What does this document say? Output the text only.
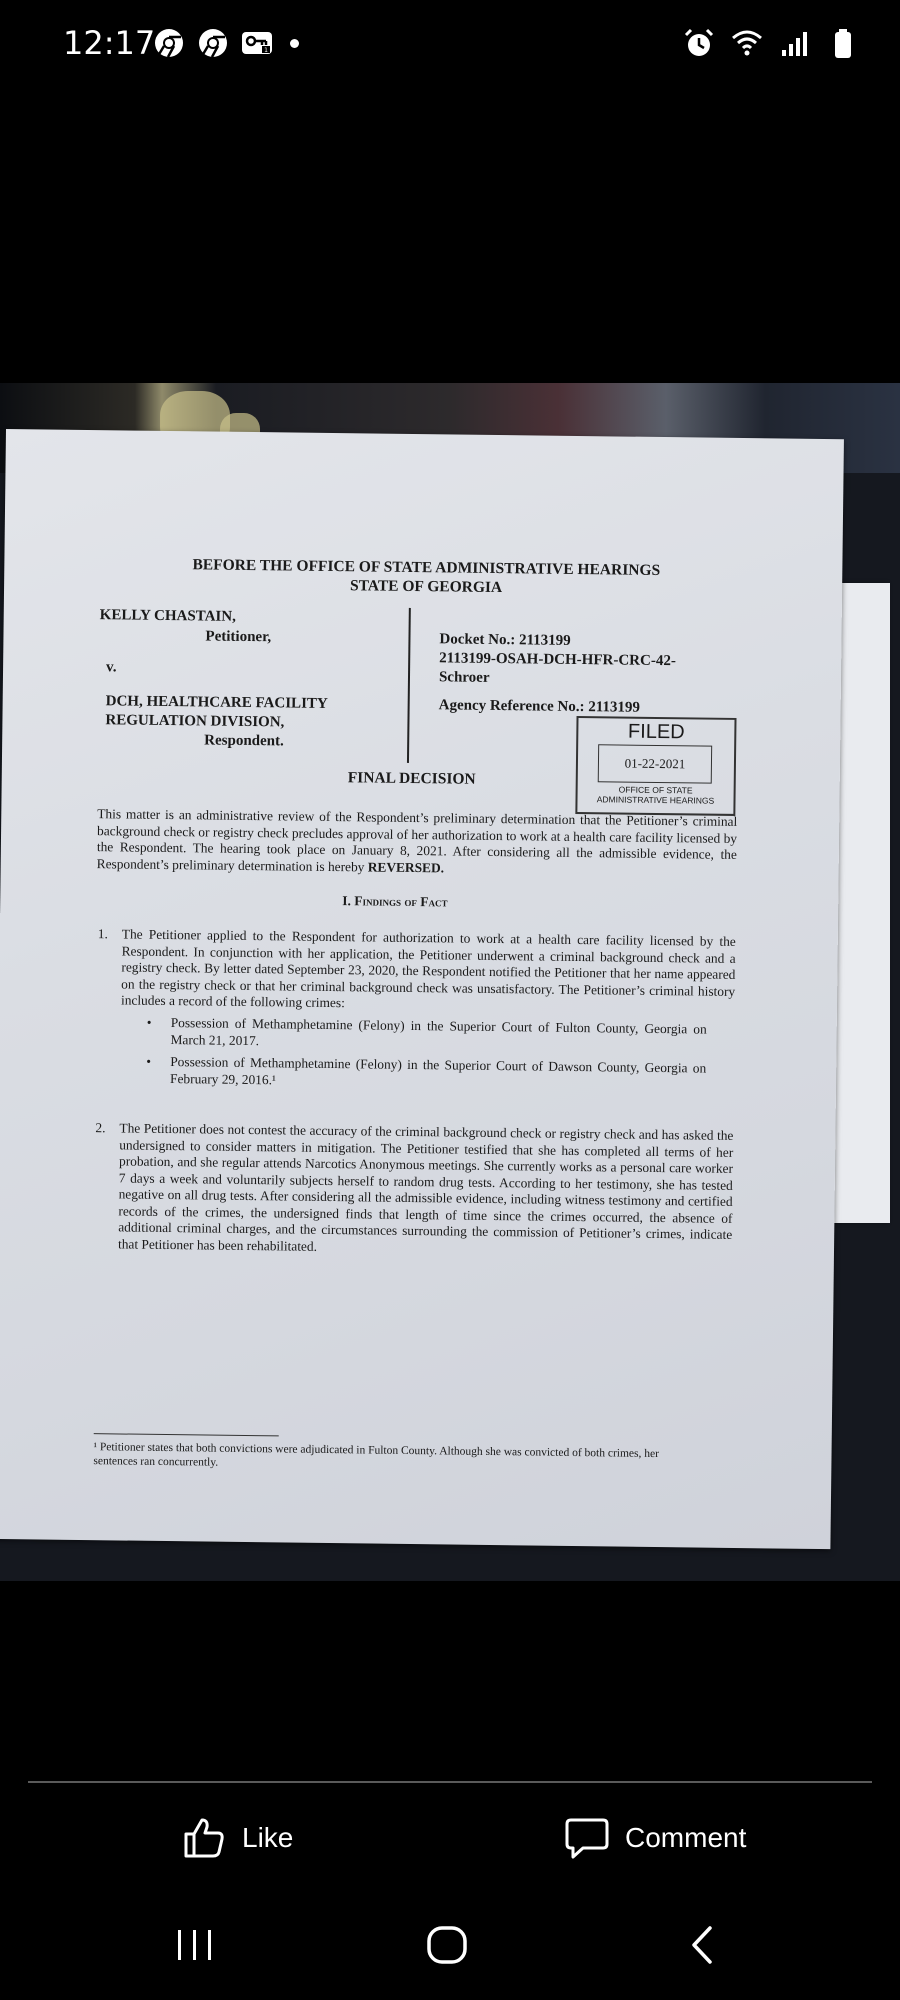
12:17	1
BEFORE THE OFFICE OF STATE ADMINISTRATIVE HEARINGS
STATE OF GEORGIA
KELLY CHASTAIN,
Petitioner,
v.
DCH, HEALTHCARE FACILITY
REGULATION DIVISION,
Respondent.
Docket No.: 2113199
2113199-OSAH-DCH-HFR-CRC-42-
Schroer
Agency Reference No.: 2113199
FILED
01-22-2021
OFFICE OF STATE
ADMINISTRATIVE HEARINGS
FINAL DECISION
This matter is an administrative review of the Respondent’s preliminary determination that the Petitioner’s criminal background check or registry check precludes approval of her authorization to work at a health care facility licensed by the Respondent. The hearing took place on January 8, 2021. After considering all the admissible evidence, the Respondent’s preliminary determination is hereby REVERSED.
I. Findings of Fact
1. The Petitioner applied to the Respondent for authorization to work at a health care facility licensed by the Respondent. In conjunction with her application, the Petitioner underwent a criminal background check and a registry check. By letter dated September 23, 2020, the Respondent notified the Petitioner that her name appeared on the registry check or that her criminal background check was unsatisfactory. The Petitioner’s criminal history includes a record of the following crimes:
• Possession of Methamphetamine (Felony) in the Superior Court of Fulton County, Georgia on March 21, 2017.
• Possession of Methamphetamine (Felony) in the Superior Court of Dawson County, Georgia on February 29, 2016.¹
2. The Petitioner does not contest the accuracy of the criminal background check or registry check and has asked the undersigned to consider matters in mitigation. The Petitioner testified that she has completed all terms of her probation, and she regular attends Narcotics Anonymous meetings. She currently works as a personal care worker 7 days a week and voluntarily subjects herself to random drug tests. According to her testimony, she has tested negative on all drug tests. After considering all the admissible evidence, including witness testimony and certified records of the crimes, the undersigned finds that length of time since the crimes occurred, the absence of additional criminal charges, and the circumstances surrounding the commission of Petitioner’s crimes, indicate that Petitioner has been rehabilitated.
¹ Petitioner states that both convictions were adjudicated in Fulton County. Although she was convicted of both crimes, her sentences ran concurrently.
Like	Comment
